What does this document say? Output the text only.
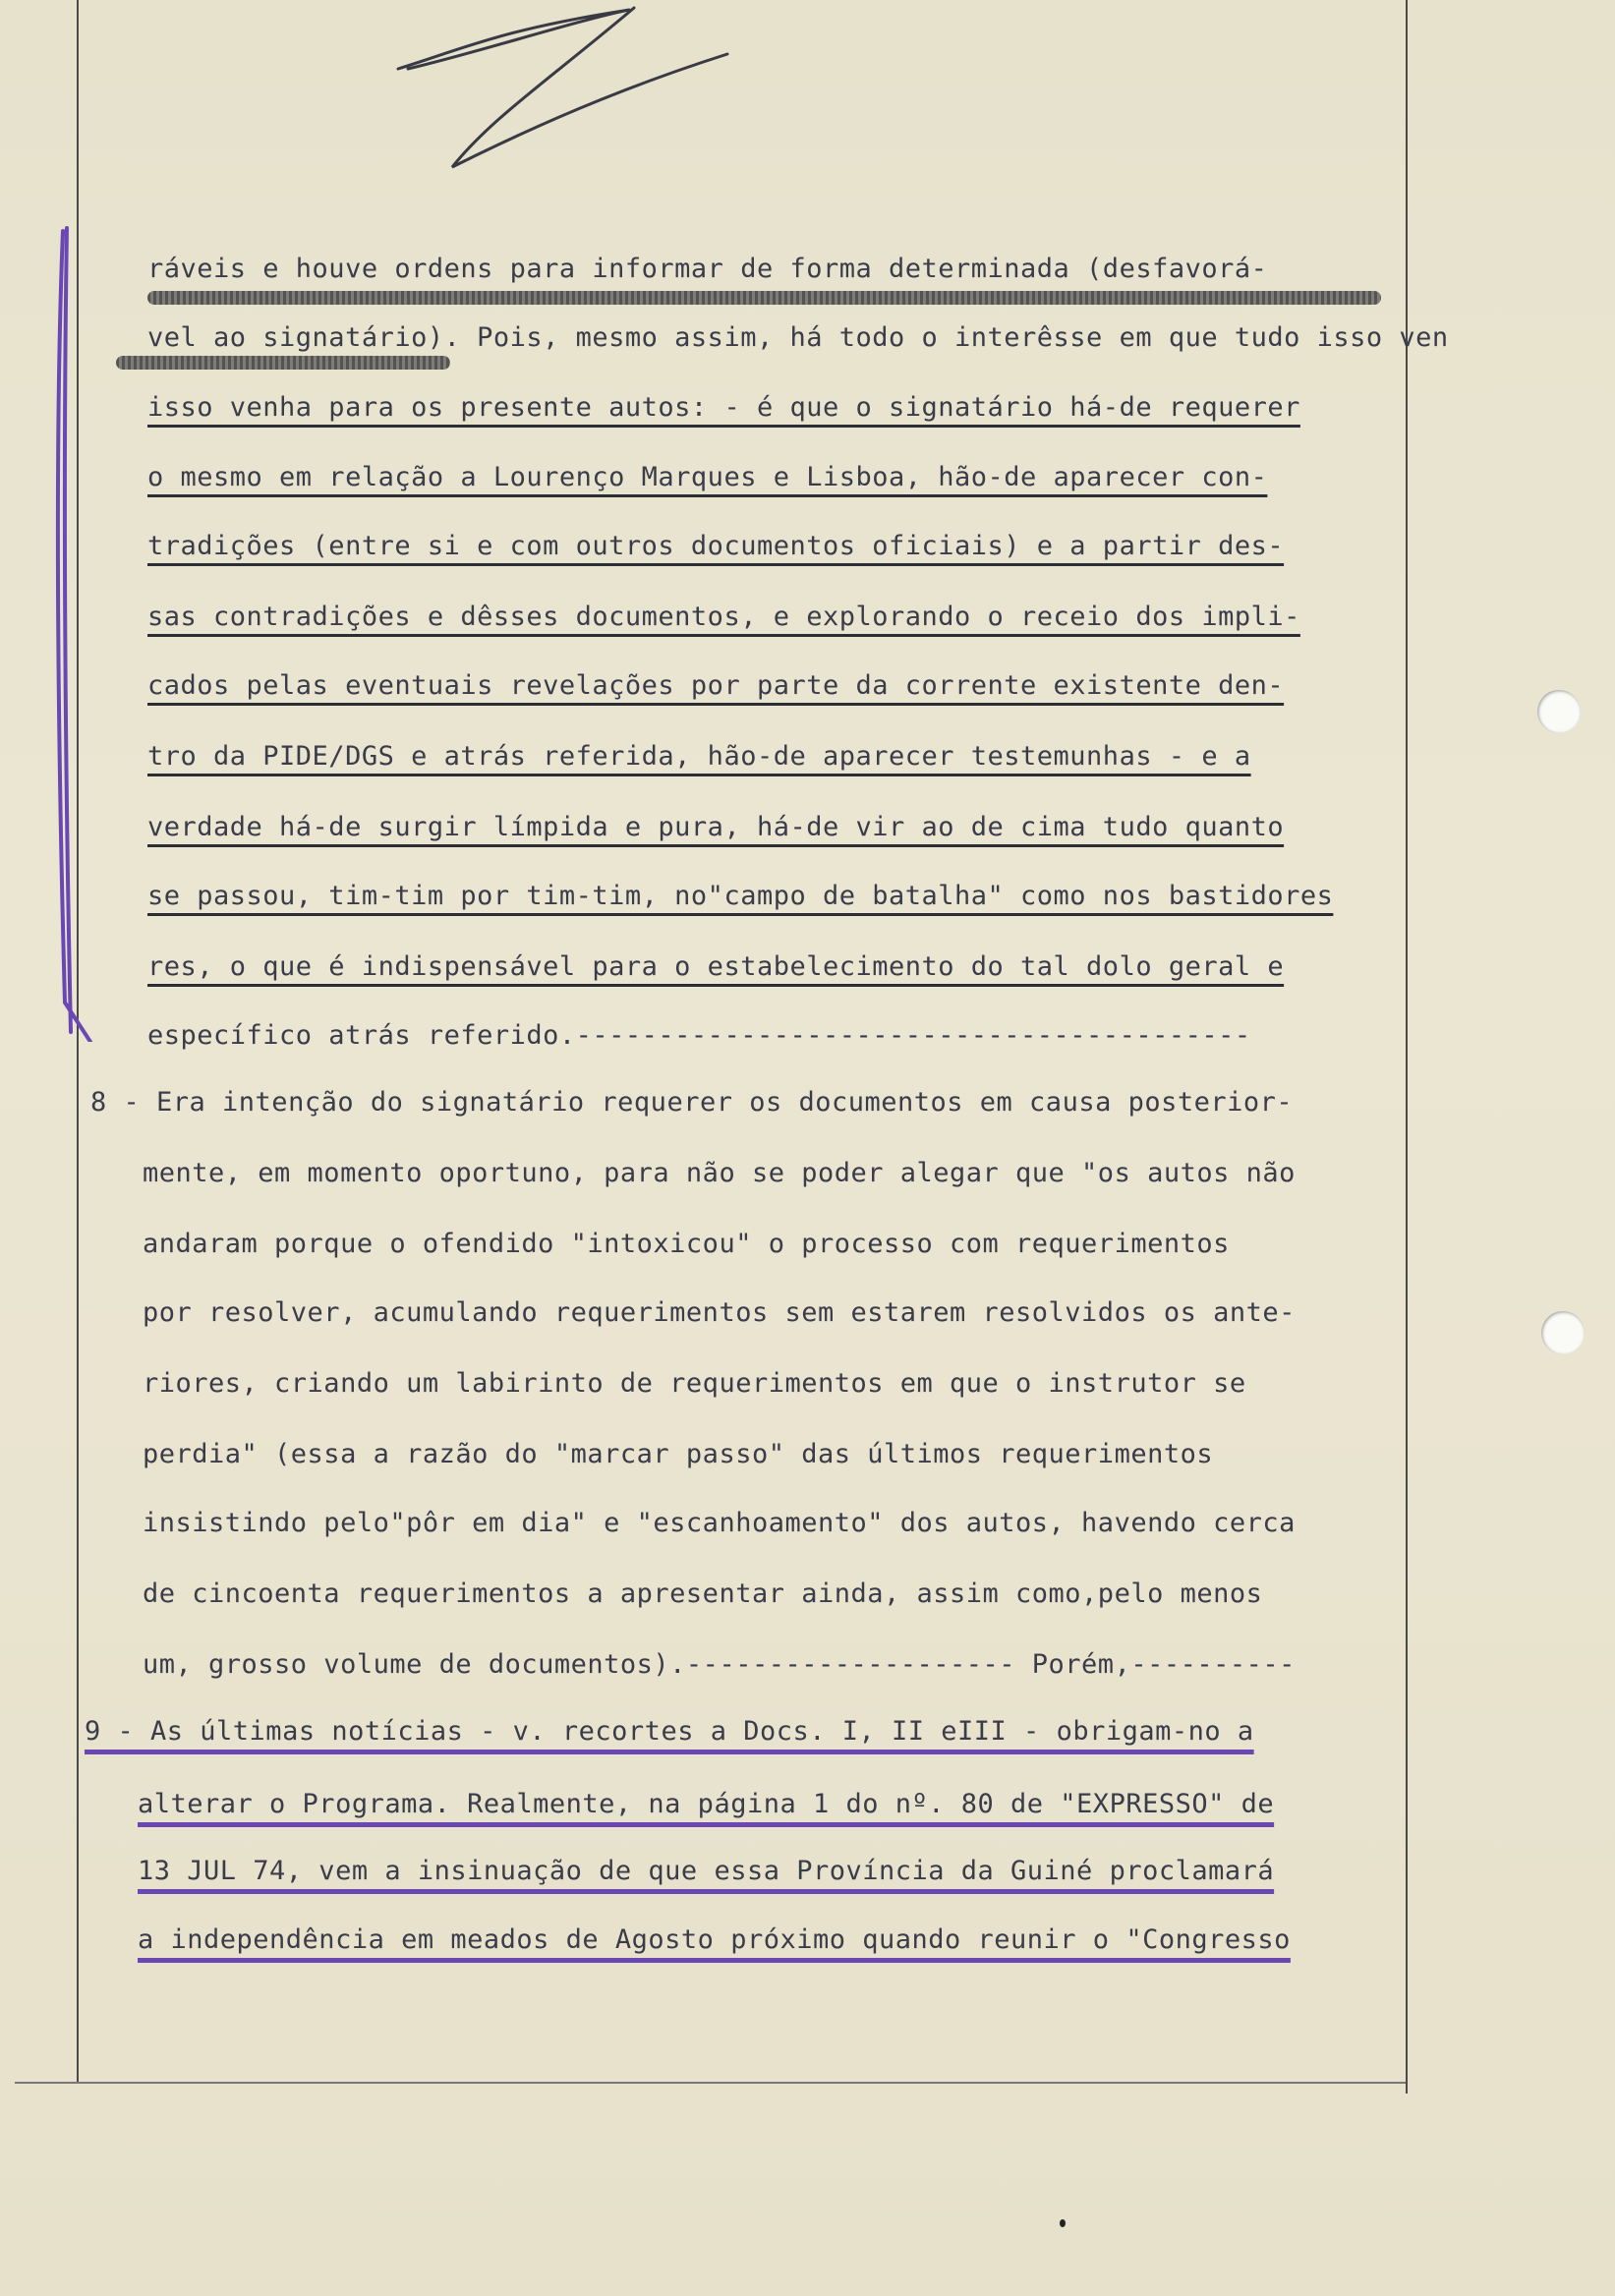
ráveis e houve ordens para informar de forma determinada (desfavorá-
vel ao signatário). Pois, mesmo assim, há todo o interêsse em que tudo isso ven
isso venha para os presente autos: - é que o signatário há-de requerer
o mesmo em relação a Lourenço Marques e Lisboa, hão-de aparecer con-
tradições (entre si e com outros documentos oficiais) e a partir des-
sas contradições e dêsses documentos, e explorando o receio dos impli-
cados pelas eventuais revelações por parte da corrente existente den-
tro da PIDE/DGS e atrás referida, hão-de aparecer testemunhas - e a
verdade há-de surgir límpida e pura, há-de vir ao de cima tudo quanto
se passou, tim-tim por tim-tim, no"campo de batalha" como nos bastidores
res, o que é indispensável para o estabelecimento do tal dolo geral e
específico atrás referido.-----------------------------------------
8 - Era intenção do signatário requerer os documentos em causa posterior-
mente, em momento oportuno, para não se poder alegar que "os autos não
andaram porque o ofendido "intoxicou" o processo com requerimentos
por resolver, acumulando requerimentos sem estarem resolvidos os ante-
riores, criando um labirinto de requerimentos em que o instrutor se
perdia" (essa a razão do "marcar passo" das últimos requerimentos
insistindo pelo"pôr em dia" e "escanhoamento" dos autos, havendo cerca
de cincoenta requerimentos a apresentar ainda, assim como,pelo menos
um, grosso volume de documentos).-------------------- Porém,----------
9 - As últimas notícias - v. recortes a Docs. I, II eIII - obrigam-no a
alterar o Programa. Realmente, na página 1 do nº. 80 de "EXPRESSO" de
13 JUL 74, vem a insinuação de que essa Província da Guiné proclamará
a independência em meados de Agosto próximo quando reunir o "Congresso
